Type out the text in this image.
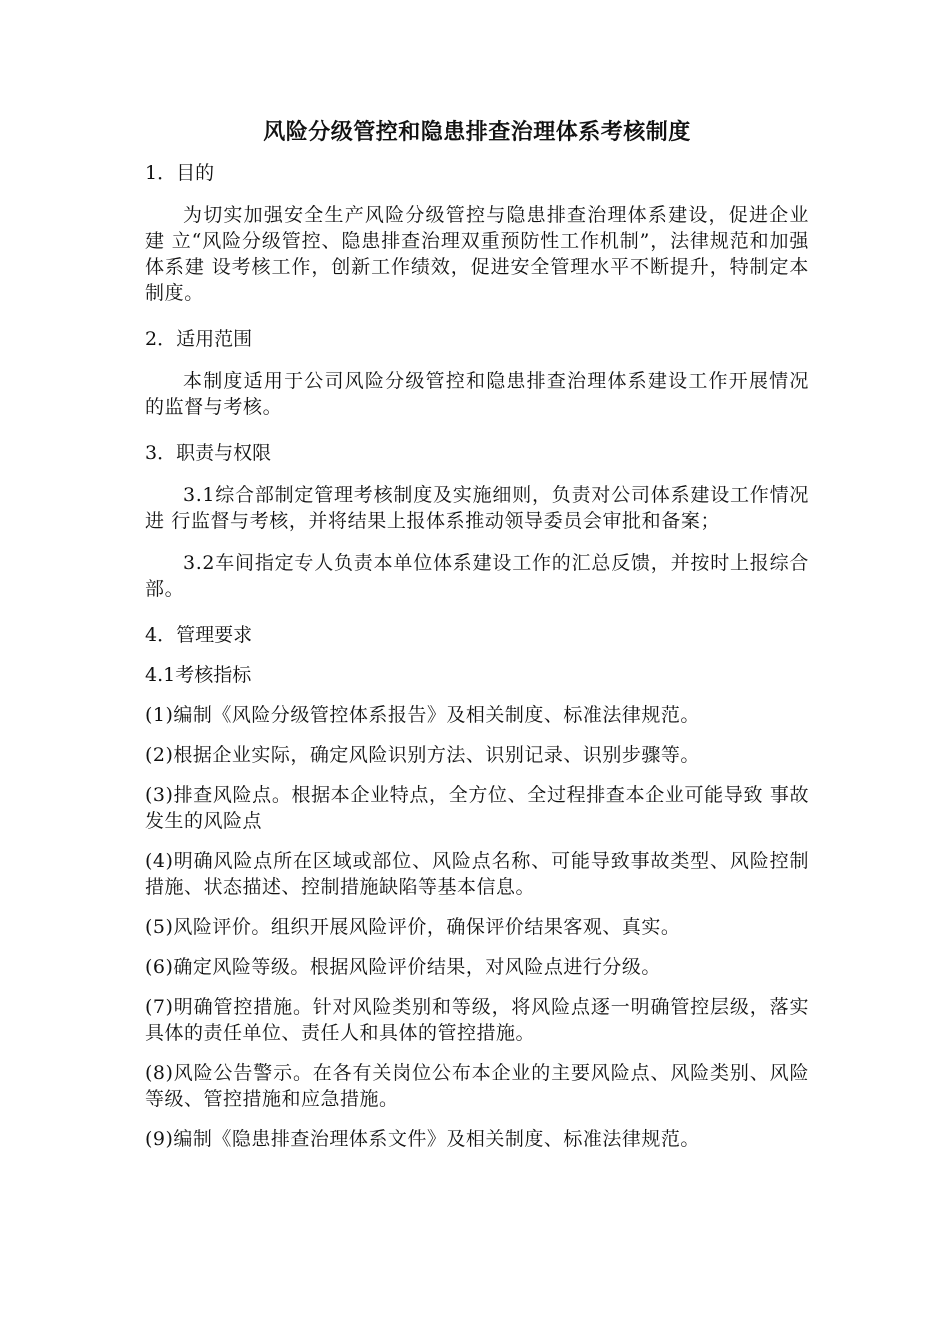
风险分级管控和隐患排查治理体系考核制度
1．目的

为切实加强安全生产风险分级管控与隐患排查治理体系建设，促进企业建 立“风险分级管控、隐患排查治理双重预防性工作机制”，法律规范和加强体系建 设考核工作，创新工作绩效，促进安全管理水平不断提升，特制定本制度。

2．适用范围

本制度适用于公司风险分级管控和隐患排查治理体系建设工作开展情况的监督与考核。

3．职责与权限

3.1综合部制定管理考核制度及实施细则，负责对公司体系建设工作情况进 行监督与考核，并将结果上报体系推动领导委员会审批和备案；

3.2车间指定专人负责本单位体系建设工作的汇总反馈，并按时上报综合部。

4．管理要求
4.1考核指标

(1)编制《风险分级管控体系报告》及相关制度、标准法律规范。

(2)根据企业实际，确定风险识别方法、识别记录、识别步骤等。

(3)排查风险点。根据本企业特点，全方位、全过程排查本企业可能导致 事故发生的风险点

(4)明确风险点所在区域或部位、风险点名称、可能导致事故类型、风险控制措施、状态描述、控制措施缺陷等基本信息。

(5)风险评价。组织开展风险评价，确保评价结果客观、真实。

(6)确定风险等级。根据风险评价结果，对风险点进行分级。

(7)明确管控措施。针对风险类别和等级，将风险点逐一明确管控层级，落实具体的责任单位、责任人和具体的管控措施。

(8)风险公告警示。在各有关岗位公布本企业的主要风险点、风险类别、风险等级、管控措施和应急措施。

(9)编制《隐患排查治理体系文件》及相关制度、标准法律规范。
